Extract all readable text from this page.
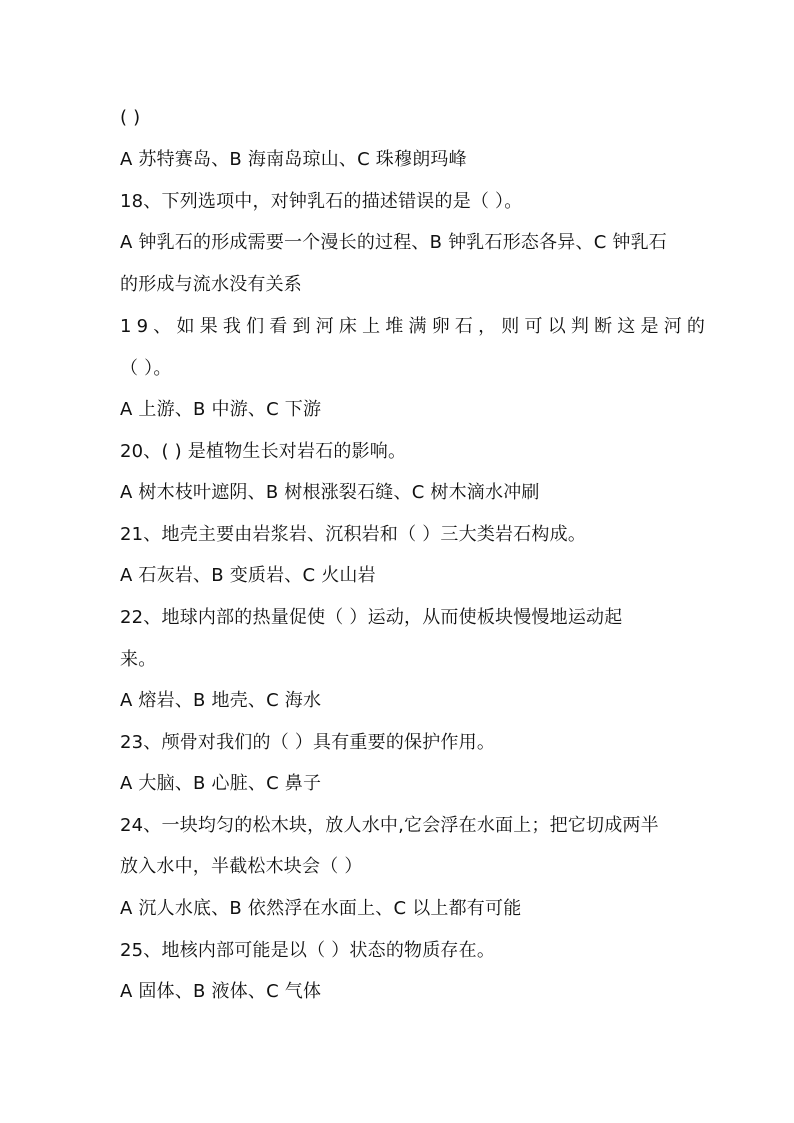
( )
A 苏特赛岛、B 海南岛琼山、C 珠穆朗玛峰
18、下列选项中，对钟乳石的描述错误的是（ ）。
A 钟乳石的形成需要一个漫长的过程、B 钟乳石形态各异、C 钟乳石
的形成与流水没有关系
19、如果我们看到河床上堆满卵石，则可以判断这是河的
（ ）。
A 上游、B 中游、C 下游
20、( ) 是植物生长对岩石的影响。
A 树木枝叶遮阴、B 树根涨裂石缝、C 树木滴水冲刷
21、地壳主要由岩浆岩、沉积岩和（ ）三大类岩石构成。
A 石灰岩、B 变质岩、C 火山岩
22、地球内部的热量促使（ ）运动，从而使板块慢慢地运动起
来。
A 熔岩、B 地壳、C 海水
23、颅骨对我们的（ ）具有重要的保护作用。
A 大脑、B 心脏、C 鼻子
24、一块均匀的松木块，放人水中,它会浮在水面上；把它切成两半
放入水中，半截松木块会（ ）
A 沉人水底、B 依然浮在水面上、C 以上都有可能
25、地核内部可能是以（ ）状态的物质存在。
A 固体、B 液体、C 气体
